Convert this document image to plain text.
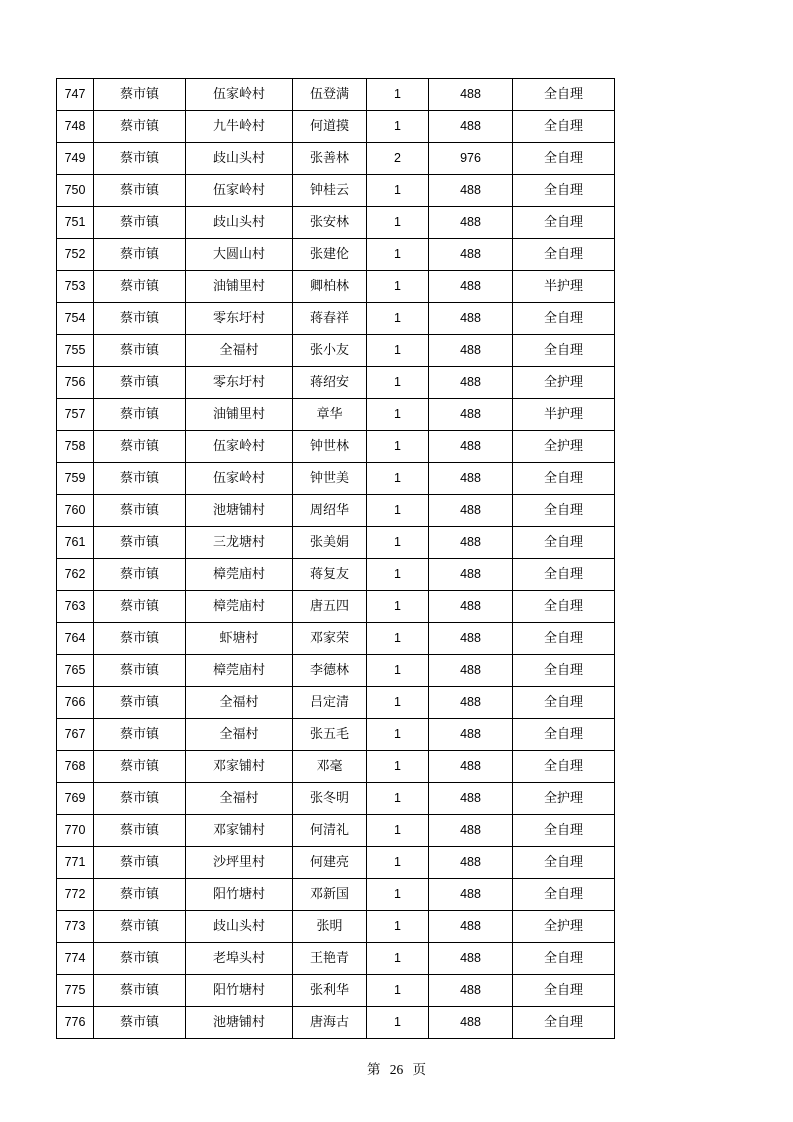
747	蔡市镇	伍家岭村	伍登满	1	488	全自理
748	蔡市镇	九牛岭村	何道摸	1	488	全自理
749	蔡市镇	歧山头村	张善林	2	976	全自理
750	蔡市镇	伍家岭村	钟桂云	1	488	全自理
751	蔡市镇	歧山头村	张安林	1	488	全自理
752	蔡市镇	大圆山村	张建伦	1	488	全自理
753	蔡市镇	油铺里村	卿柏林	1	488	半护理
754	蔡市镇	零东圩村	蒋春祥	1	488	全自理
755	蔡市镇	全福村	张小友	1	488	全自理
756	蔡市镇	零东圩村	蒋绍安	1	488	全护理
757	蔡市镇	油铺里村	章华	1	488	半护理
758	蔡市镇	伍家岭村	钟世林	1	488	全护理
759	蔡市镇	伍家岭村	钟世美	1	488	全自理
760	蔡市镇	池塘铺村	周绍华	1	488	全自理
761	蔡市镇	三龙塘村	张美娟	1	488	全自理
762	蔡市镇	樟莞庙村	蒋复友	1	488	全自理
763	蔡市镇	樟莞庙村	唐五四	1	488	全自理
764	蔡市镇	虾塘村	邓家荣	1	488	全自理
765	蔡市镇	樟莞庙村	李德林	1	488	全自理
766	蔡市镇	全福村	吕定清	1	488	全自理
767	蔡市镇	全福村	张五毛	1	488	全自理
768	蔡市镇	邓家铺村	邓毫	1	488	全自理
769	蔡市镇	全福村	张冬明	1	488	全护理
770	蔡市镇	邓家铺村	何清礼	1	488	全自理
771	蔡市镇	沙坪里村	何建亮	1	488	全自理
772	蔡市镇	阳竹塘村	邓新国	1	488	全自理
773	蔡市镇	歧山头村	张明	1	488	全护理
774	蔡市镇	老埠头村	王艳青	1	488	全自理
775	蔡市镇	阳竹塘村	张利华	1	488	全自理
776	蔡市镇	池塘铺村	唐海古	1	488	全自理
第 26 页
